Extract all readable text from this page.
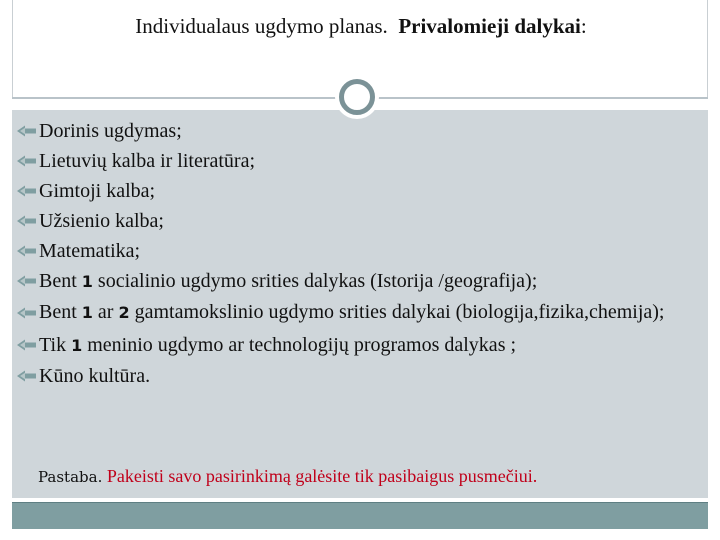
Individualaus ugdymo planas. Privalomieji dalykai:
Dorinis ugdymas;
Lietuvių kalba ir literatūra;
Gimtoji kalba;
Užsienio kalba;
Matematika;
Bent 1 socialinio ugdymo srities dalykas (Istorija /geografija);
Bent 1 ar 2 gamtamokslinio ugdymo srities dalykai (biologija,fizika,chemija);
Tik 1 meninio ugdymo ar technologijų programos dalykas ;
Kūno kultūra.
Pastaba. Pakeisti savo pasirinkimą galėsite tik pasibaigus pusmečiui.
